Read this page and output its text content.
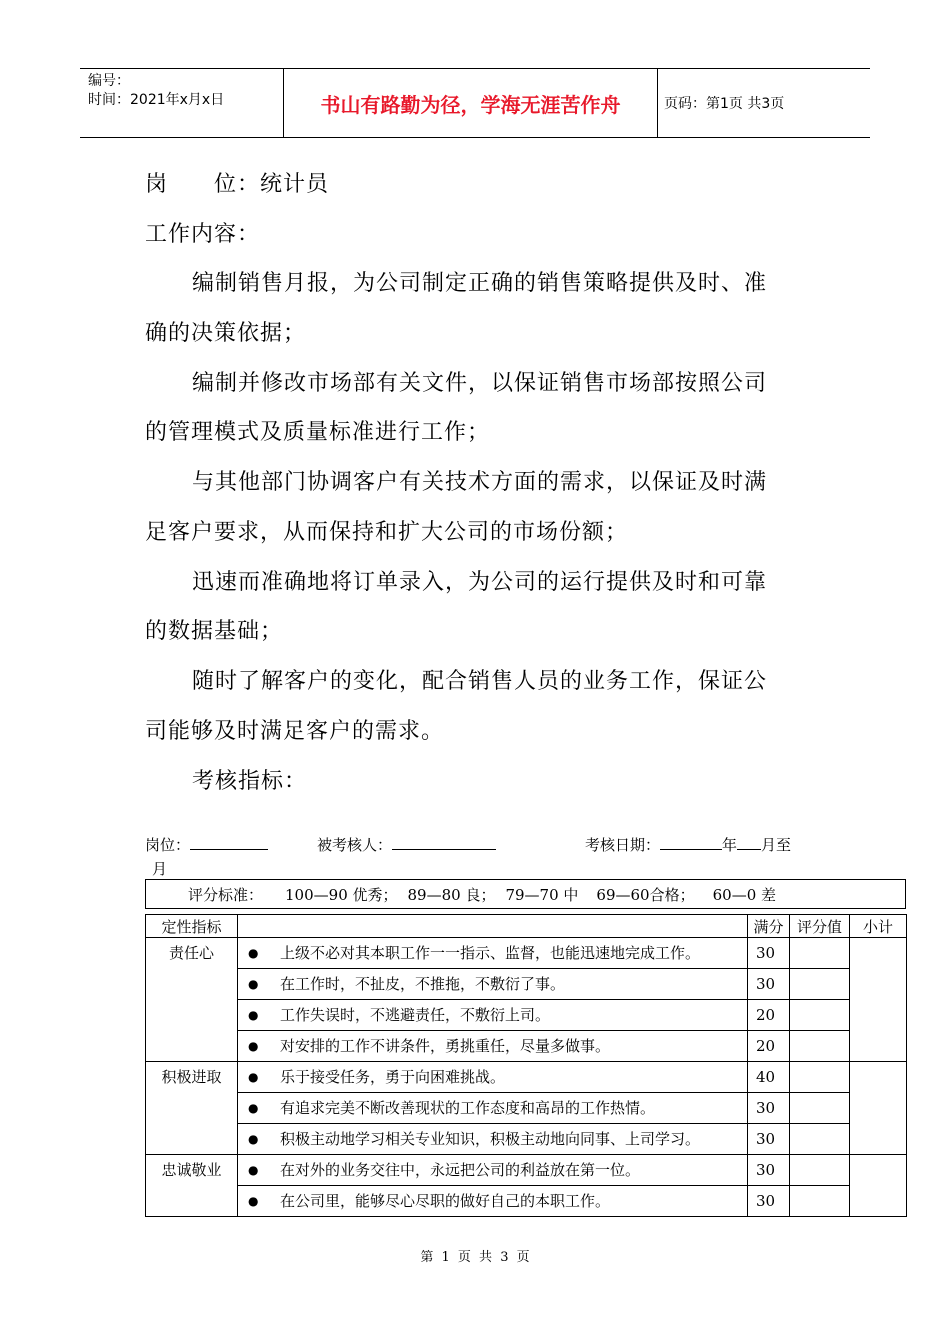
编号：
时间：2021年x月x日	书山有路勤为径，学海无涯苦作舟	页码：第1页 共3页
岗　　位：统计员
工作内容：
编制销售月报，为公司制定正确的销售策略提供及时、准
确的决策依据；
编制并修改市场部有关文件，以保证销售市场部按照公司
的管理模式及质量标准进行工作；
与其他部门协调客户有关技术方面的需求，以保证及时满
足客户要求，从而保持和扩大公司的市场份额；
迅速而准确地将订单录入，为公司的运行提供及时和可靠
的数据基础；
随时了解客户的变化，配合销售人员的业务工作，保证公
司能够及时满足客户的需求。
考核指标：
岗位：	被考核人：	考核日期：	年 月至
月
评分标准： 100—90 优秀； 89—80 良； 79—70 中 69—60合格； 60—0 差
定性指标		满分	评分值	小计
责任心	● 上级不必对其本职工作一一指示、监督，也能迅速地完成工作。	30		

	● 在工作时，不扯皮，不推拖，不敷衍了事。	30		

	● 工作失误时，不逃避责任，不敷衍上司。	20		

	● 对安排的工作不讲条件，勇挑重任，尽量多做事。	20		
积极进取	● 乐于接受任务，勇于向困难挑战。	40		

	● 有追求完美不断改善现状的工作态度和高昂的工作热情。	30		

	● 积极主动地学习相关专业知识，积极主动地向同事、上司学习。	30		
忠诚敬业	● 在对外的业务交往中，永远把公司的利益放在第一位。	30		

	● 在公司里，能够尽心尽职的做好自己的本职工作。	30		
第 1 页 共 3 页
